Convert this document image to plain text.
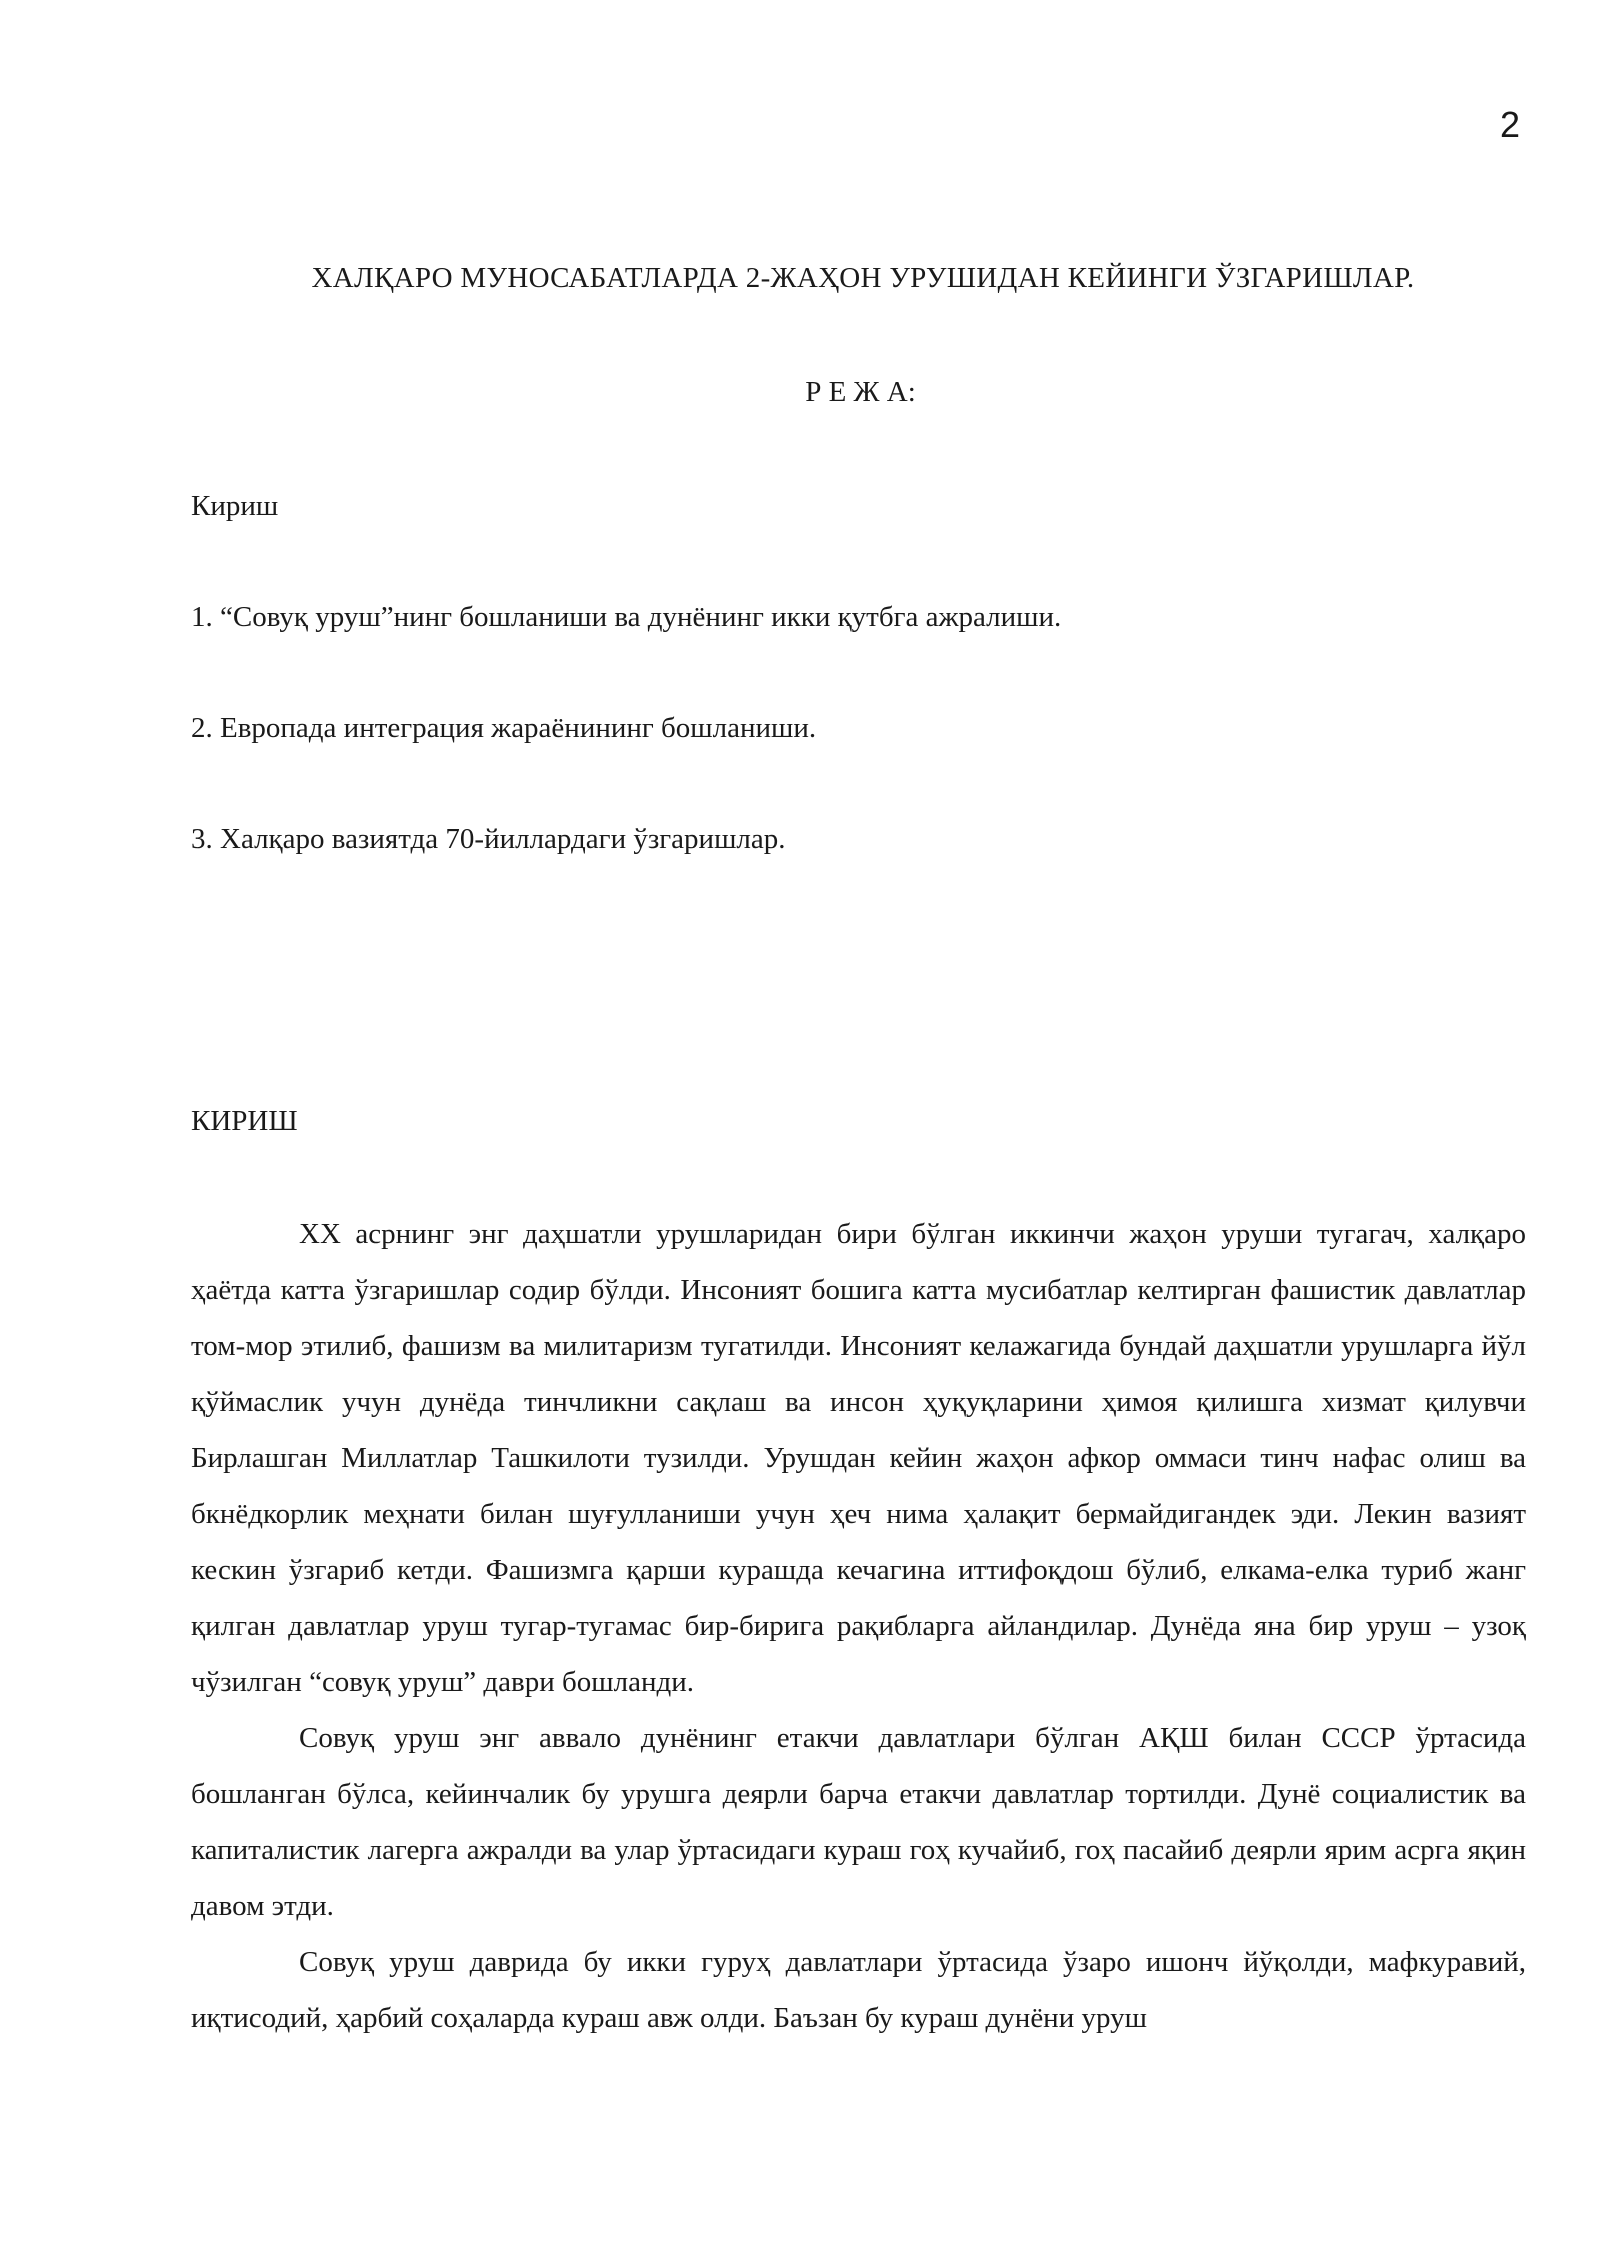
2
ХАЛҚАРО МУНОСАБАТЛАРДА 2-ЖАҲОН УРУШИДАН КЕЙИНГИ ЎЗГАРИШЛАР.
Р Е Ж А:
Кириш
1. “Совуқ уруш”нинг бошланиши ва дунёнинг икки қутбга ажралиши.
2. Европада интеграция жараёнининг бошланиши.
3. Халқаро вазиятда 70-йиллардаги ўзгаришлар.
КИРИШ

XX асрнинг энг даҳшатли урушларидан бири бўлган иккинчи жаҳон уруши тугагач, халқаро ҳаётда катта ўзгаришлар содир бўлди. Инсоният бошига катта мусибатлар келтирган фашистик давлатлар том-мор этилиб, фашизм ва милитаризм тугатилди. Инсоният келажагида бундай даҳшатли урушларга йўл қўймаслик учун дунёда тинчликни сақлаш ва инсон ҳуқуқларини ҳимоя қилишга хизмат қилувчи Бирлашган Миллатлар Ташкилоти тузилди. Урушдан кейин жаҳон афкор оммаси тинч нафас олиш ва бкнёдкорлик меҳнати билан шуғулланиши учун ҳеч нима ҳалақит бермайдигандек эди. Лекин вазият кескин ўзгариб кетди. Фашизмга қарши курашда кечагина иттифоқдош бўлиб, елкама-елка туриб жанг қилган давлатлар уруш тугар-тугамас бир-бирига рақибларга айландилар. Дунёда яна бир уруш – узоқ чўзилган “совуқ уруш” даври бошланди.

Совуқ уруш энг аввало дунёнинг етакчи давлатлари бўлган АҚШ билан СССР ўртасида бошланган бўлса, кейинчалик бу урушга деярли барча етакчи давлатлар тортилди. Дунё социалистик ва капиталистик лагерга ажралди ва улар ўртасидаги кураш гоҳ кучайиб, гоҳ пасайиб деярли ярим асрга яқин давом этди.

Совуқ уруш даврида бу икки гуруҳ давлатлари ўртасида ўзаро ишонч йўқолди, мафкуравий, иқтисодий, ҳарбий соҳаларда кураш авж олди. Баъзан бу кураш дунёни уруш
